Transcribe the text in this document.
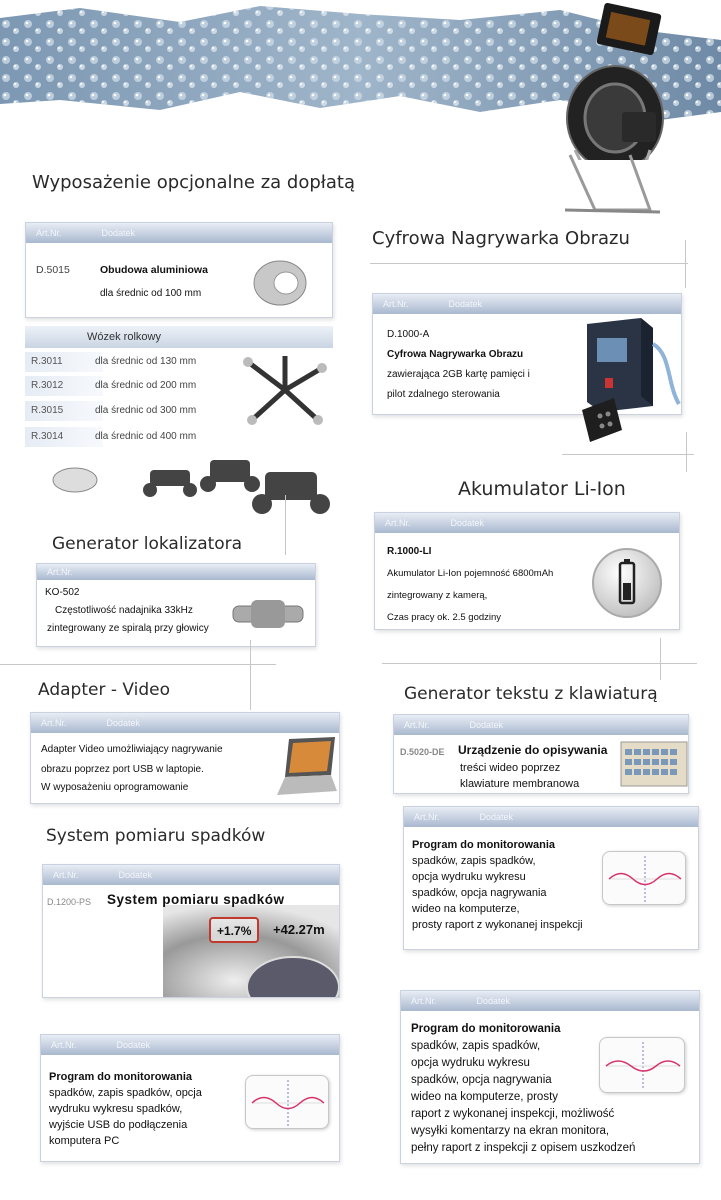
Wyposażenie opcjonalne za dopłatą
Art.Nr.	Dodatek
D.5015	Obudowa aluminiowa
dla średnic od 100 mm
Wózek rolkowy
R.3011	dla średnic od 130 mm
R.3012	dla średnic od 200 mm
R.3015	dla średnic od 300 mm
R.3014	dla średnic od 400 mm
Generator lokalizatora
Art.Nr.
KO-502
Częstotliwość nadajnika 33kHz
zintegrowany ze spiralą przy głowicy
Adapter - Video
Art.Nr.	Dodatek
Adapter Video umożliwiający nagrywanie
obrazu poprzez port USB w laptopie.
W wyposażeniu oprogramowanie
System pomiaru spadków
Art.Nr.	Dodatek
D.1200-PS System pomiaru spadków
+1.7%	+42.27m
Art.Nr.	Dodatek
Program do monitorowania
spadków, zapis spadków, opcja
wydruku wykresu spadków,
wyjście USB do podłączenia
komputera PC
Cyfrowa Nagrywarka Obrazu
Art.Nr.	Dodatek
D.1000-A
Cyfrowa Nagrywarka Obrazu
zawierająca 2GB kartę pamięci i
pilot zdalnego sterowania
Akumulator Li-Ion
Art.Nr.	Dodatek
R.1000-LI
Akumulator Li-Ion pojemność 6800mAh
zintegrowany z kamerą,
Czas pracy ok. 2.5 godziny
Generator tekstu z klawiaturą
Art.Nr.	Dodatek
D.5020-DE Urządzenie do opisywania
treści wideo poprzez
klawiature membranowa
Art.Nr.	Dodatek
Program do monitorowania
spadków, zapis spadków,
opcja wydruku wykresu
spadków, opcja nagrywania
wideo na komputerze,
prosty raport z wykonanej inspekcji
Art.Nr.	Dodatek
Program do monitorowania
spadków, zapis spadków,
opcja wydruku wykresu
spadków, opcja nagrywania
wideo na komputerze, prosty
raport z wykonanej inspekcji, możliwość
wysyłki komentarzy na ekran monitora,
pełny raport z inspekcji z opisem uszkodzeń
